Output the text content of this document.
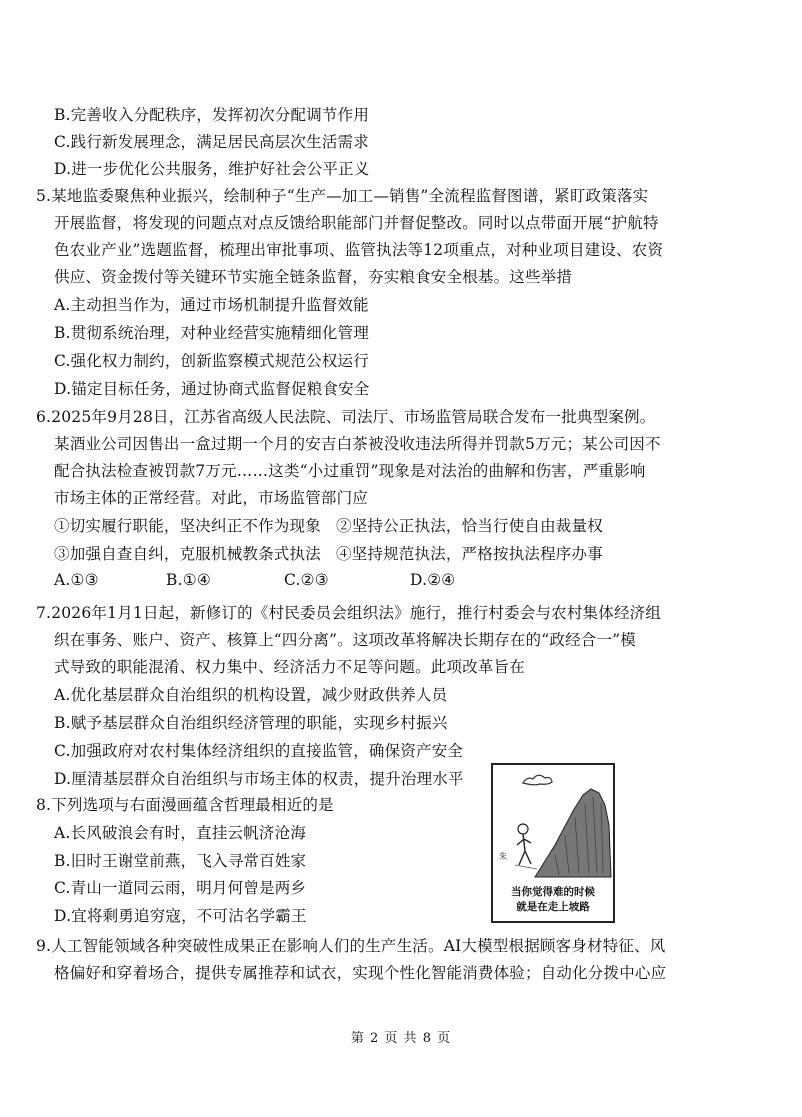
B.完善收入分配秩序，发挥初次分配调节作用
C.践行新发展理念，满足居民高层次生活需求
D.进一步优化公共服务，维护好社会公平正义
5.某地监委聚焦种业振兴，绘制种子“生产—加工—销售”全流程监督图谱，紧盯政策落实
开展监督，将发现的问题点对点反馈给职能部门并督促整改。同时以点带面开展“护航特
色农业产业”选题监督，梳理出审批事项、监管执法等12项重点，对种业项目建设、农资
供应、资金拨付等关键环节实施全链条监督，夯实粮食安全根基。这些举措
A.主动担当作为，通过市场机制提升监督效能
B.贯彻系统治理，对种业经营实施精细化管理
C.强化权力制约，创新监察模式规范公权运行
D.锚定目标任务，通过协商式监督促粮食安全
6.2025年9月28日，江苏省高级人民法院、司法厅、市场监管局联合发布一批典型案例。
某酒业公司因售出一盒过期一个月的安吉白茶被没收违法所得并罚款5万元；某公司因不
配合执法检查被罚款7万元……这类“小过重罚”现象是对法治的曲解和伤害，严重影响
市场主体的正常经营。对此，市场监管部门应
①切实履行职能，坚决纠正不作为现象 ②坚持公正执法，恰当行使自由裁量权
③加强自查自纠，克服机械教条式执法 ④坚持规范执法，严格按执法程序办事
A.①③	B.①④	C.②③	D.②④
7.2026年1月1日起，新修订的《村民委员会组织法》施行，推行村委会与农村集体经济组
织在事务、账户、资产、核算上“四分离”。这项改革将解决长期存在的“政经合一”模
式导致的职能混淆、权力集中、经济活力不足等问题。此项改革旨在
A.优化基层群众自治组织的机构设置，减少财政供养人员
B.赋予基层群众自治组织经济管理的职能，实现乡村振兴
C.加强政府对农村集体经济组织的直接监管，确保资产安全
D.厘清基层群众自治组织与市场主体的权责，提升治理水平
8.下列选项与右面漫画蕴含哲理最相近的是
A.长风破浪会有时，直挂云帆济沧海
B.旧时王谢堂前燕，飞入寻常百姓家
C.青山一道同云雨，明月何曾是两乡
D.宜将剩勇追穷寇，不可沽名学霸王
朱
当你觉得难的时候
就是在走上坡路
9.人工智能领域各种突破性成果正在影响人们的生产生活。AI大模型根据顾客身材特征、风
格偏好和穿着场合，提供专属推荐和试衣，实现个性化智能消费体验；自动化分拨中心应
第 2 页 共 8 页
